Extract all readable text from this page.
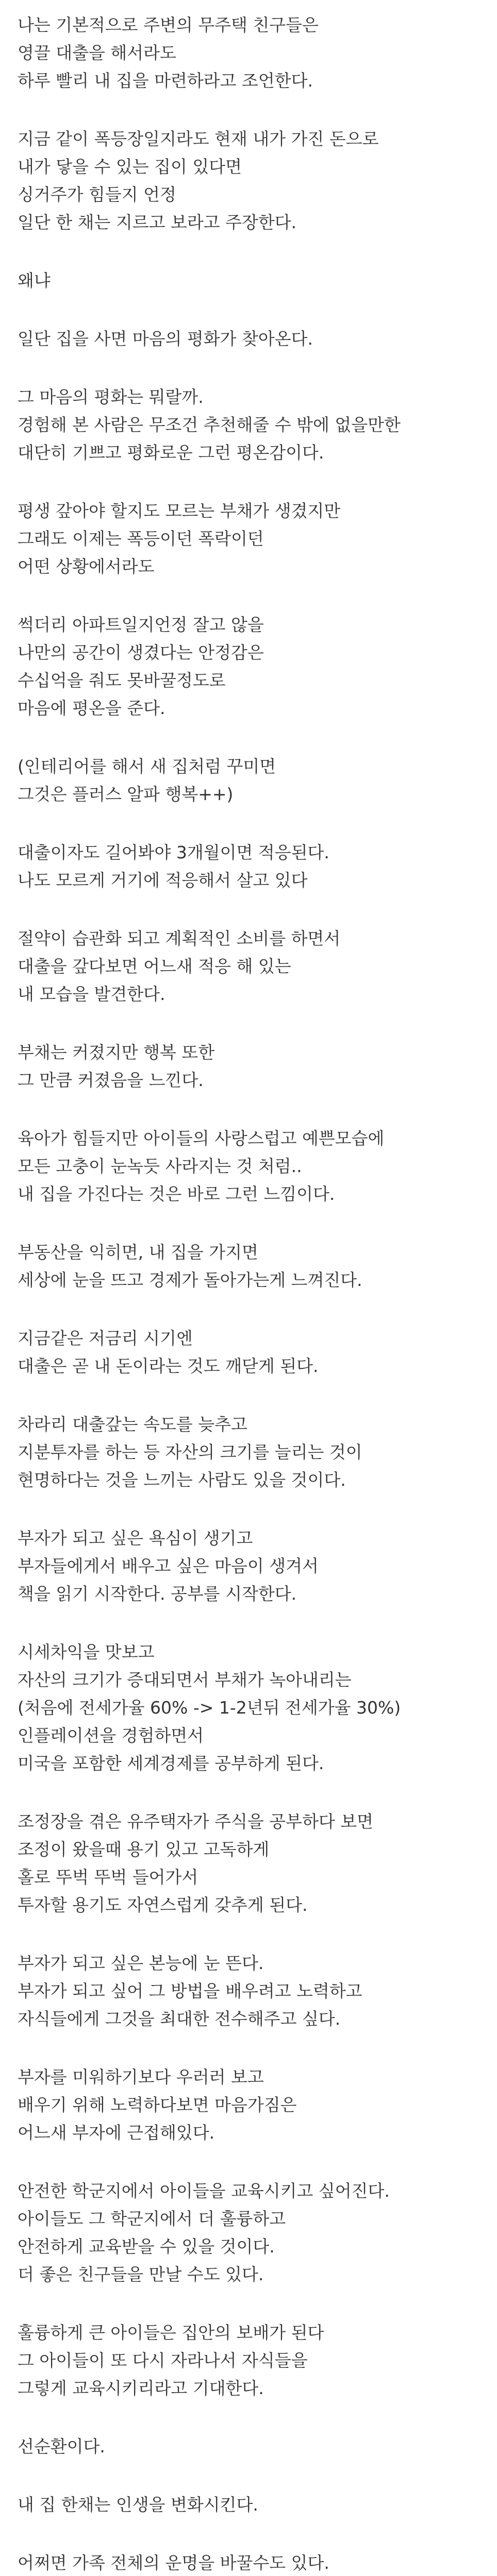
나는 기본적으로 주변의 무주택 친구들은
영끌 대출을 해서라도
하루 빨리 내 집을 마련하라고 조언한다.
지금 같이 폭등장일지라도 현재 내가 가진 돈으로
내가 닿을 수 있는 집이 있다면
싱거주가 힘들지 언정
일단 한 채는 지르고 보라고 주장한다.
왜냐
일단 집을 사면 마음의 평화가 찾아온다.
그 마음의 평화는 뭐랄까.
경험해 본 사람은 무조건 추천해줄 수 밖에 없을만한
대단히 기쁘고 평화로운 그런 평온감이다.
평생 갚아야 할지도 모르는 부채가 생겼지만
그래도 이제는 폭등이던 폭락이던
어떤 상황에서라도
썩더리 아파트일지언정 잘고 않을
나만의 공간이 생겼다는 안정감은
수십억을 줘도 못바꿀정도로
마음에 평온을 준다.
(인테리어를 해서 새 집처럼 꾸미면
그것은 플러스 알파 행복++)
대출이자도 길어봐야 3개월이면 적응된다.
나도 모르게 거기에 적응해서 살고 있다
절약이 습관화 되고 계획적인 소비를 하면서
대출을 갚다보면 어느새 적응 해 있는
내 모습을 발견한다.
부채는 커졌지만 행복 또한
그 만큼 커졌음을 느낀다.
육아가 힘들지만 아이들의 사랑스럽고 예쁜모습에
모든 고충이 눈녹듯 사라지는 것 처럼..
내 집을 가진다는 것은 바로 그런 느낌이다.
부동산을 익히면, 내 집을 가지면
세상에 눈을 뜨고 경제가 돌아가는게 느껴진다.
지금같은 저금리 시기엔
대출은 곧 내 돈이라는 것도 깨닫게 된다.
차라리 대출갚는 속도를 늦추고
지분투자를 하는 등 자산의 크기를 늘리는 것이
현명하다는 것을 느끼는 사람도 있을 것이다.
부자가 되고 싶은 욕심이 생기고
부자들에게서 배우고 싶은 마음이 생겨서
책을 읽기 시작한다. 공부를 시작한다.
시세차익을 맛보고
자산의 크기가 증대되면서 부채가 녹아내리는
(처음에 전세가율 60% -> 1-2년뒤 전세가율 30%)
인플레이션을 경험하면서
미국을 포함한 세계경제를 공부하게 된다.
조정장을 겪은 유주택자가 주식을 공부하다 보면
조정이 왔을때 용기 있고 고독하게
홀로 뚜벅 뚜벅 들어가서
투자할 용기도 자연스럽게 갖추게 된다.
부자가 되고 싶은 본능에 눈 뜬다.
부자가 되고 싶어 그 방법을 배우려고 노력하고
자식들에게 그것을 최대한 전수해주고 싶다.
부자를 미워하기보다 우러러 보고
배우기 위해 노력하다보면 마음가짐은
어느새 부자에 근접해있다.
안전한 학군지에서 아이들을 교육시키고 싶어진다.
아이들도 그 학군지에서 더 훌륭하고
안전하게 교육받을 수 있을 것이다.
더 좋은 친구들을 만날 수도 있다.
훌륭하게 큰 아이들은 집안의 보배가 된다
그 아이들이 또 다시 자라나서 자식들을
그렇게 교육시키리라고 기대한다.
선순환이다.
내 집 한채는 인생을 변화시킨다.
어쩌면 가족 전체의 운명을 바꿀수도 있다.
